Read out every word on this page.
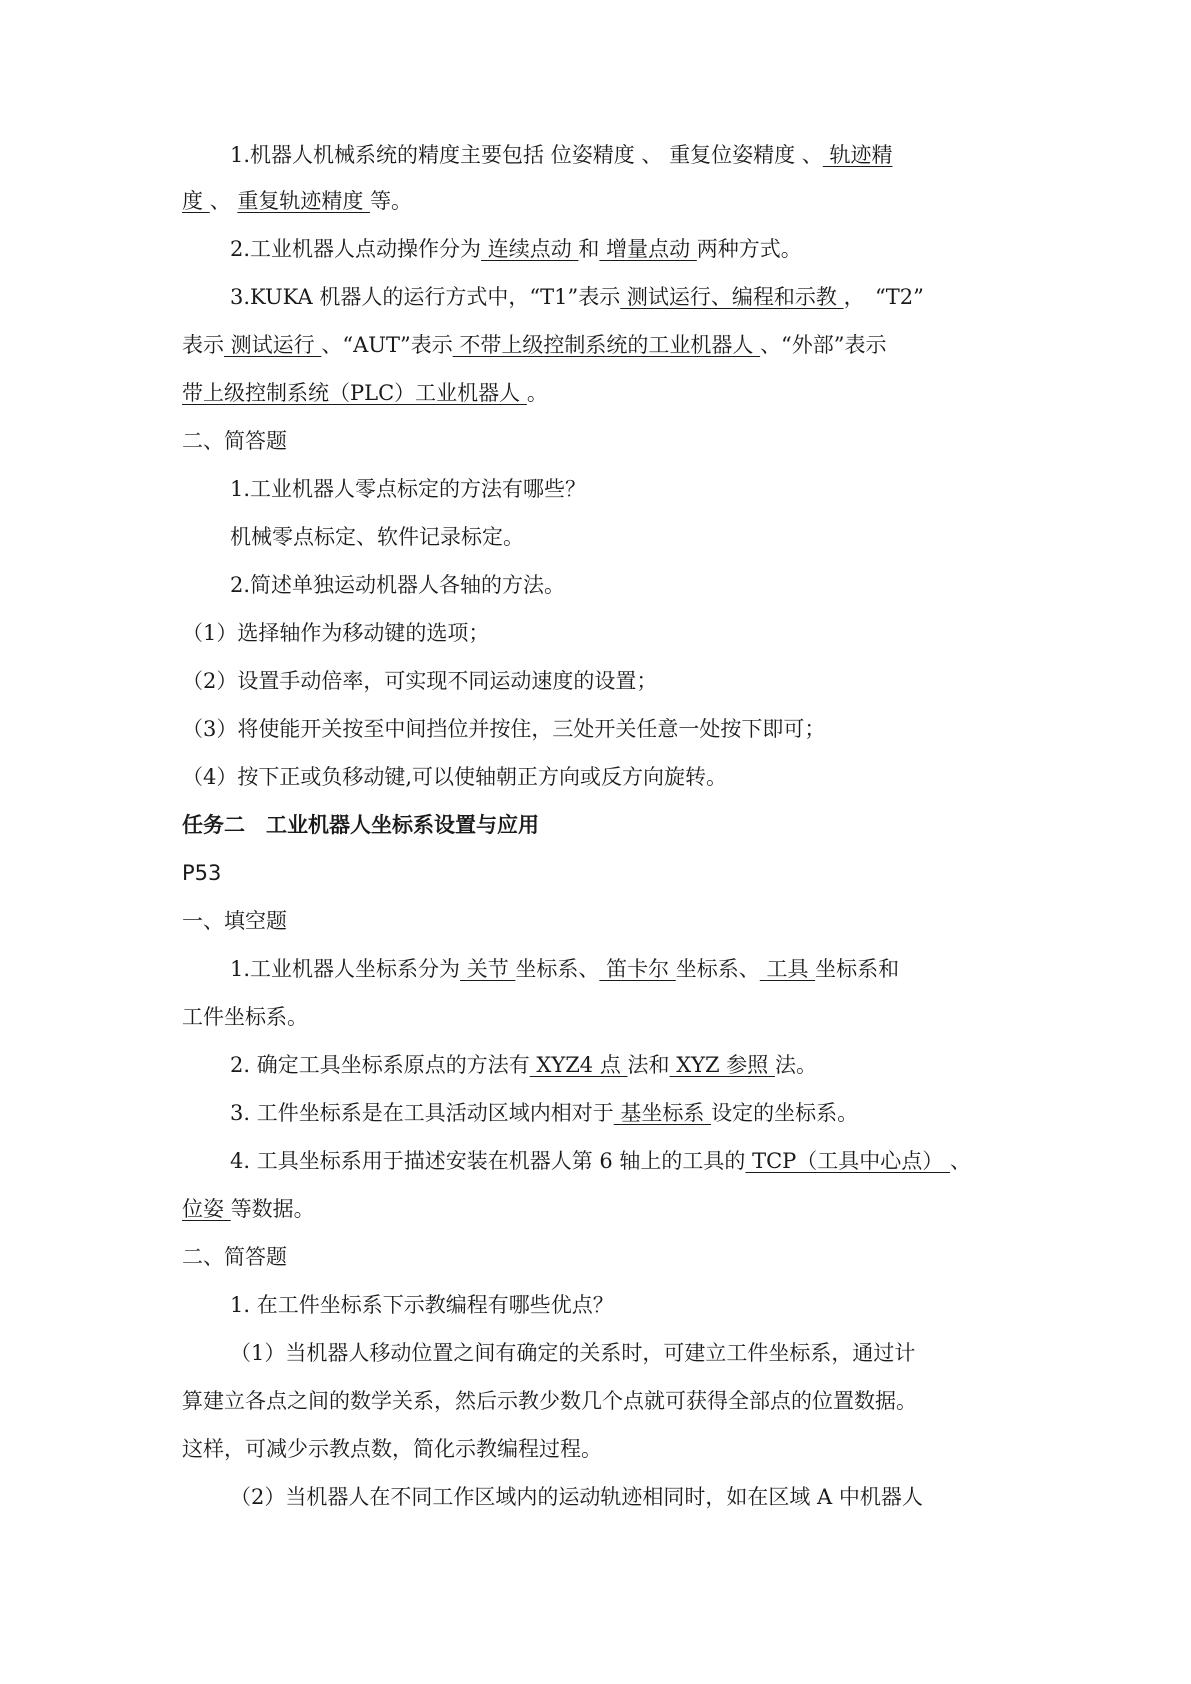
1.机器人机械系统的精度主要包括 位姿精度 、 重复位姿精度 、 轨迹精
度 、 重复轨迹精度 等。
2.工业机器人点动操作分为 连续点动 和 增量点动 两种方式。
3.KUKA 机器人的运行方式中，“T1”表示 测试运行、编程和示教 ，　“T2”
表示 测试运行 、“AUT”表示 不带上级控制系统的工业机器人 、“外部”表示
带上级控制系统（PLC）工业机器人 。
二、简答题
1.工业机器人零点标定的方法有哪些？
机械零点标定、软件记录标定。
2.简述单独运动机器人各轴的方法。
（1）选择轴作为移动键的选项；
（2）设置手动倍率，可实现不同运动速度的设置；
（3）将使能开关按至中间挡位并按住，三处开关任意一处按下即可；
（4）按下正或负移动键,可以使轴朝正方向或反方向旋转。
任务二　工业机器人坐标系设置与应用
P53
一、填空题
1.工业机器人坐标系分为 关节 坐标系、 笛卡尔 坐标系、 工具 坐标系和
工件坐标系。
2. 确定工具坐标系原点的方法有 XYZ4 点 法和 XYZ 参照 法。
3. 工件坐标系是在工具活动区域内相对于 基坐标系 设定的坐标系。
4. 工具坐标系用于描述安装在机器人第 6 轴上的工具的 TCP（工具中心点） 、
位姿 等数据。
二、简答题
1. 在工件坐标系下示教编程有哪些优点？
（1）当机器人移动位置之间有确定的关系时，可建立工件坐标系，通过计
算建立各点之间的数学关系，然后示教少数几个点就可获得全部点的位置数据。
这样，可减少示教点数，简化示教编程过程。
（2）当机器人在不同工作区域内的运动轨迹相同时，如在区域 A 中机器人
